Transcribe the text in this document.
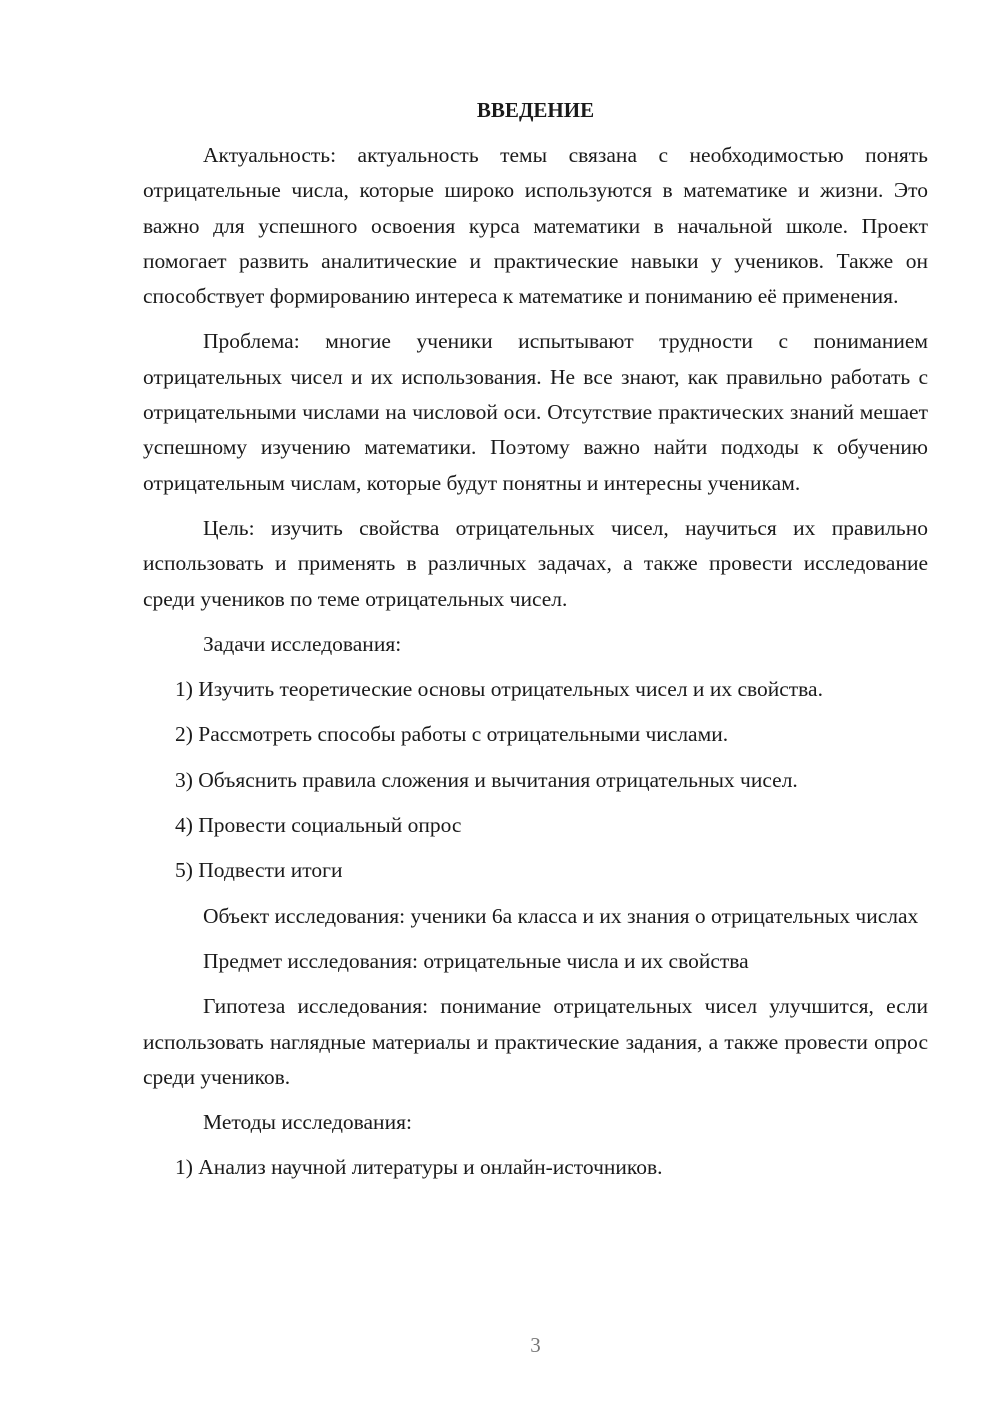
ВВЕДЕНИЕ

Актуальность: актуальность темы связана с необходимостью понять отрицательные числа, которые широко используются в математике и жизни. Это важно для успешного освоения курса математики в начальной школе. Проект помогает развить аналитические и практические навыки у учеников. Также он способствует формированию интереса к математике и пониманию её применения.

Проблема: многие ученики испытывают трудности с пониманием отрицательных чисел и их использования. Не все знают, как правильно работать с отрицательными числами на числовой оси. Отсутствие практических знаний мешает успешному изучению математики. Поэтому важно найти подходы к обучению отрицательным числам, которые будут понятны и интересны ученикам.

Цель: изучить свойства отрицательных чисел, научиться их правильно использовать и применять в различных задачах, а также провести исследование среди учеников по теме отрицательных чисел.

Задачи исследования:

1) Изучить теоретические основы отрицательных чисел и их свойства.

2) Рассмотреть способы работы с отрицательными числами.

3) Объяснить правила сложения и вычитания отрицательных чисел.

4) Провести социальный опрос

5) Подвести итоги

Объект исследования: ученики 6а класса и их знания о отрицательных числах

Предмет исследования: отрицательные числа и их свойства

Гипотеза исследования: понимание отрицательных чисел улучшится, если использовать наглядные материалы и практические задания, а также провести опрос среди учеников.

Методы исследования:

1) Анализ научной литературы и онлайн-источников.

3
